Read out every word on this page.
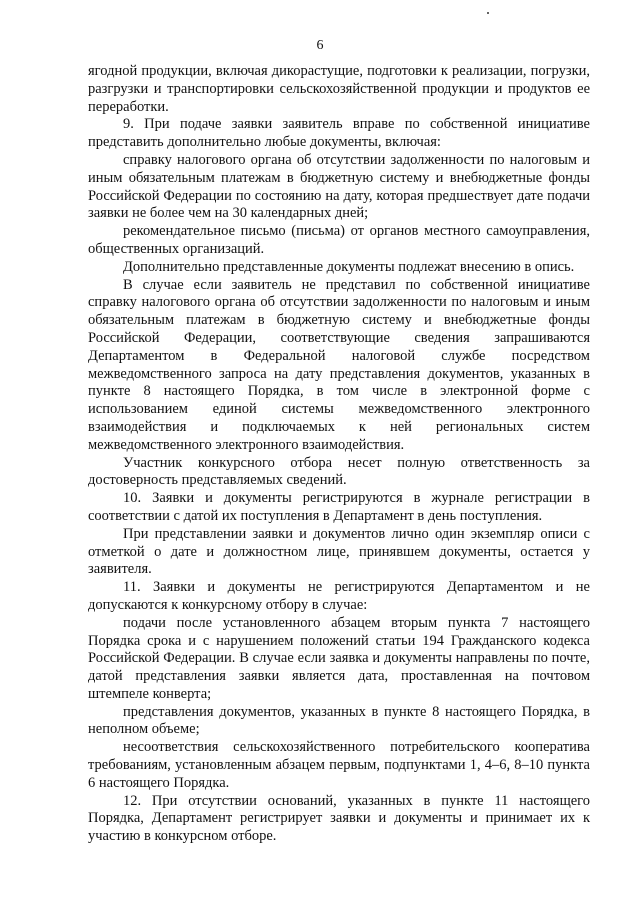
6

ягодной продукции, включая дикорастущие, подготовки к реализации, погрузки, разгрузки и транспортировки сельскохозяйственной продукции и продуктов ее переработки.

9. При подаче заявки заявитель вправе по собственной инициативе представить дополнительно любые документы, включая:

справку налогового органа об отсутствии задолженности по налоговым и иным обязательным платежам в бюджетную систему и внебюджетные фонды Российской Федерации по состоянию на дату, которая предшествует дате подачи заявки не более чем на 30 календарных дней;

рекомендательное письмо (письма) от органов местного самоуправления, общественных организаций.

Дополнительно представленные документы подлежат внесению в опись.

В случае если заявитель не представил по собственной инициативе справку налогового органа об отсутствии задолженности по налоговым и иным обязательным платежам в бюджетную систему и внебюджетные фонды Российской Федерации, соответствующие сведения запрашиваются Департаментом в Федеральной налоговой службе посредством межведомственного запроса на дату представления документов, указанных в пункте 8 настоящего Порядка, в том числе в электронной форме с использованием единой системы межведомственного электронного взаимодействия и подключаемых к ней региональных систем межведомственного электронного взаимодействия.

Участник конкурсного отбора несет полную ответственность за достоверность представляемых сведений.

10. Заявки и документы регистрируются в журнале регистрации в соответствии с датой их поступления в Департамент в день поступления.

При представлении заявки и документов лично один экземпляр описи с отметкой о дате и должностном лице, принявшем документы, остается у заявителя.

11. Заявки и документы не регистрируются Департаментом и не допускаются к конкурсному отбору в случае:

подачи после установленного абзацем вторым пункта 7 настоящего Порядка срока и с нарушением положений статьи 194 Гражданского кодекса Российской Федерации. В случае если заявка и документы направлены по почте, датой представления заявки является дата, проставленная на почтовом штемпеле конверта;

представления документов, указанных в пункте 8 настоящего Порядка, в неполном объеме;

несоответствия сельскохозяйственного потребительского кооператива требованиям, установленным абзацем первым, подпунктами 1, 4–6, 8–10 пункта 6 настоящего Порядка.

12. При отсутствии оснований, указанных в пункте 11 настоящего Порядка, Департамент регистрирует заявки и документы и принимает их к участию в конкурсном отборе.
